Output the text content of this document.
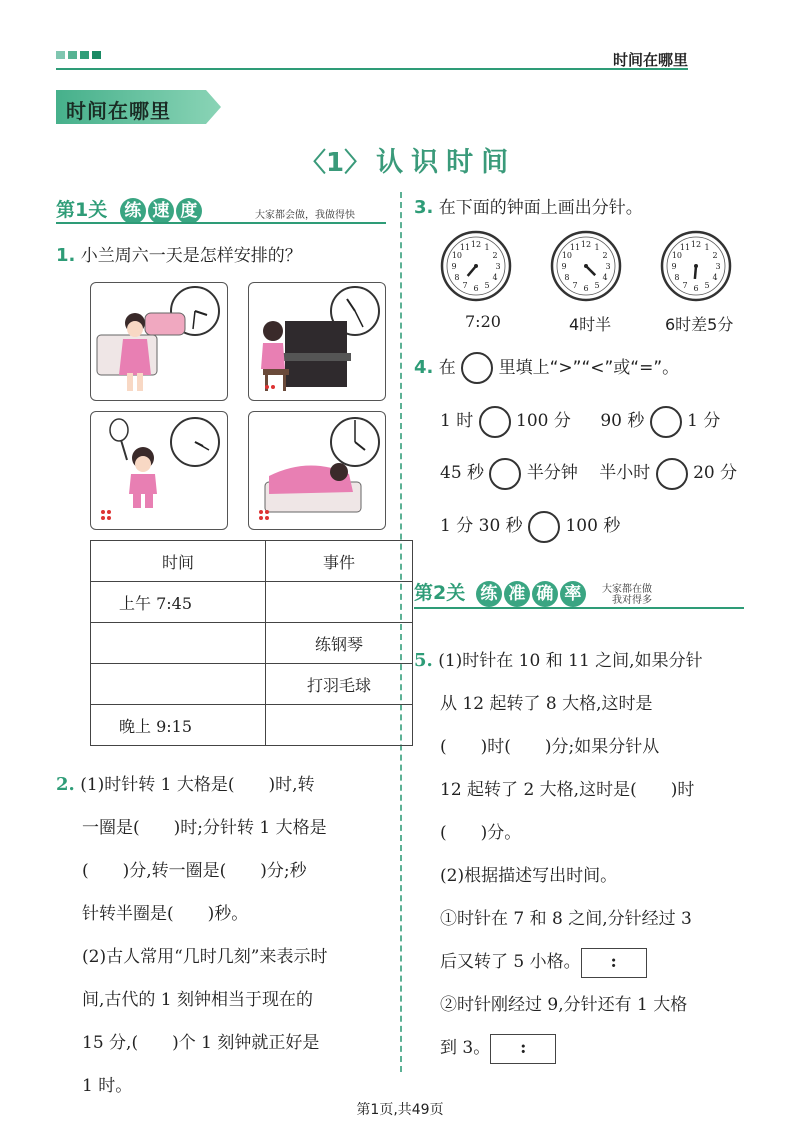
时间在哪里
时间在哪里
〈1〉 认识时间
第1关 练 速 度	大家都会做，我做得快
1. 小兰周六一天是怎样安排的？
时间	事件
上午 7:45	
	练钢琴
	打羽毛球
晚上 9:15	
2. (1)时针转 1 大格是(　　)时,转
一圈是(　　)时;分针转 1 大格是
(　　)分,转一圈是(　　)分;秒
针转半圈是(　　)秒。
(2)古人常用“几时几刻”来表示时
间,古代的 1 刻钟相当于现在的
15 分,(　　)个 1 刻钟就正好是
1 时。
3. 在下面的钟面上画出分针。
1
2
3
4
5
6
7
8
9
10
11 12	1
2
3
4
5
6
7
8
9
10
11 12	1
2
3
4
5
6
7
8
9
10
11 12
7:20	4时半	6时差5分
4. 在	里填上“>”“<”或“=”。
1 时	100 分 90 秒	1 分
45 秒	半分钟 半小时	20 分
1 分 30 秒	100 秒
第2关 练 准 确 率	大家都在做
我对得多
5. (1)时针在 10 和 11 之间,如果分针
从 12 起转了 8 大格,这时是
(　　)时(　　)分;如果分针从
12 起转了 2 大格,这时是(　　)时
(　　)分。
(2)根据描述写出时间。
①时针在 7 和 8 之间,分针经过 3
后又转了 5 小格。 :
②时针刚经过 9,分针还有 1 大格
到 3。 :
第1页,共49页
